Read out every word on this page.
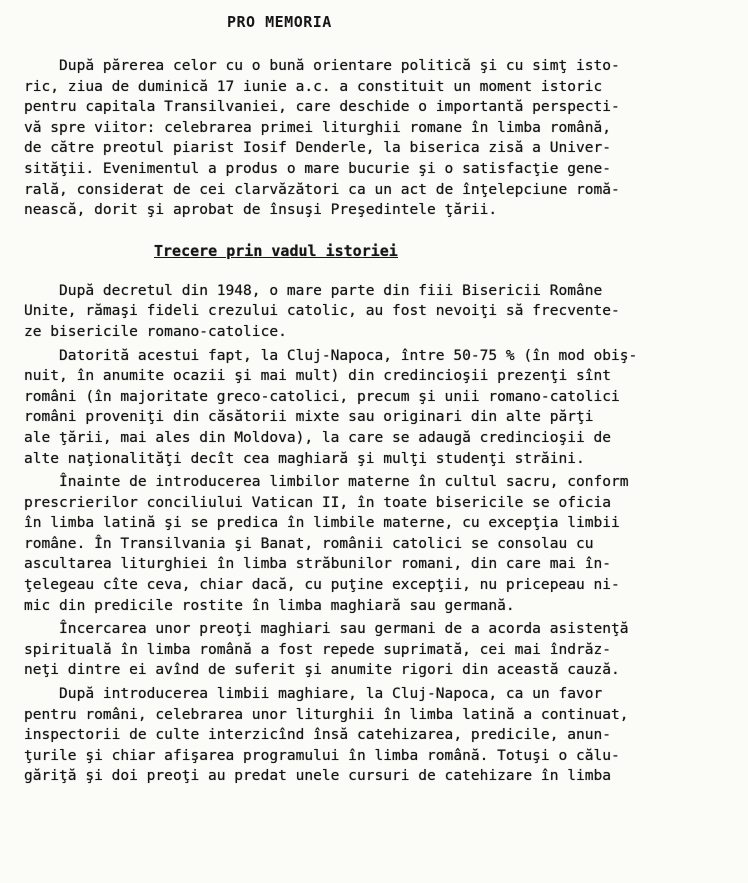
PRO MEMORIA
După părerea celor cu o bună orientare politică şi cu simţ isto-
ric, ziua de duminică 17 iunie a.c. a constituit un moment istoric
pentru capitala Transilvaniei, care deschide o importantă perspecti-
vă spre viitor: celebrarea primei liturghii romane în limba română,
de către preotul piarist Iosif Denderle, la biserica zisă a Univer-
sităţii. Evenimentul a produs o mare bucurie şi o satisfacţie gene-
rală, considerat de cei clarvăzători ca un act de înţelepciune romă-
nească, dorit şi aprobat de însuşi Preşedintele ţării.
Trecere prin vadul istoriei
După decretul din 1948, o mare parte din fiii Bisericii Române
Unite, rămaşi fideli crezului catolic, au fost nevoiţi să frecvente-
ze bisericile romano-catolice.
Datorită acestui fapt, la Cluj-Napoca, între 50-75 % (în mod obiş-
nuit, în anumite ocazii şi mai mult) din credincioşii prezenţi sînt
români (în majoritate greco-catolici, precum şi unii romano-catolici
români proveniţi din căsătorii mixte sau originari din alte părţi
ale ţării, mai ales din Moldova), la care se adaugă credincioşii de
alte naţionalităţi decît cea maghiară şi mulţi studenţi străini.
Înainte de introducerea limbilor materne în cultul sacru, conform
prescrierilor conciliului Vatican II, în toate bisericile se oficia
în limba latină şi se predica în limbile materne, cu excepţia limbii
române. În Transilvania şi Banat, românii catolici se consolau cu
ascultarea liturghiei în limba străbunilor romani, din care mai în-
ţelegeau cîte ceva, chiar dacă, cu puţine excepţii, nu pricepeau ni-
mic din predicile rostite în limba maghiară sau germană.
Încercarea unor preoţi maghiari sau germani de a acorda asistenţă
spirituală în limba română a fost repede suprimată, cei mai îndrăz-
neţi dintre ei avînd de suferit şi anumite rigori din această cauză.
După introducerea limbii maghiare, la Cluj-Napoca, ca un favor
pentru români, celebrarea unor liturghii în limba latină a continuat,
inspectorii de culte interzicînd însă catehizarea, predicile, anun-
ţurile şi chiar afişarea programului în limba română. Totuşi o călu-
găriţă şi doi preoţi au predat unele cursuri de catehizare în limba
